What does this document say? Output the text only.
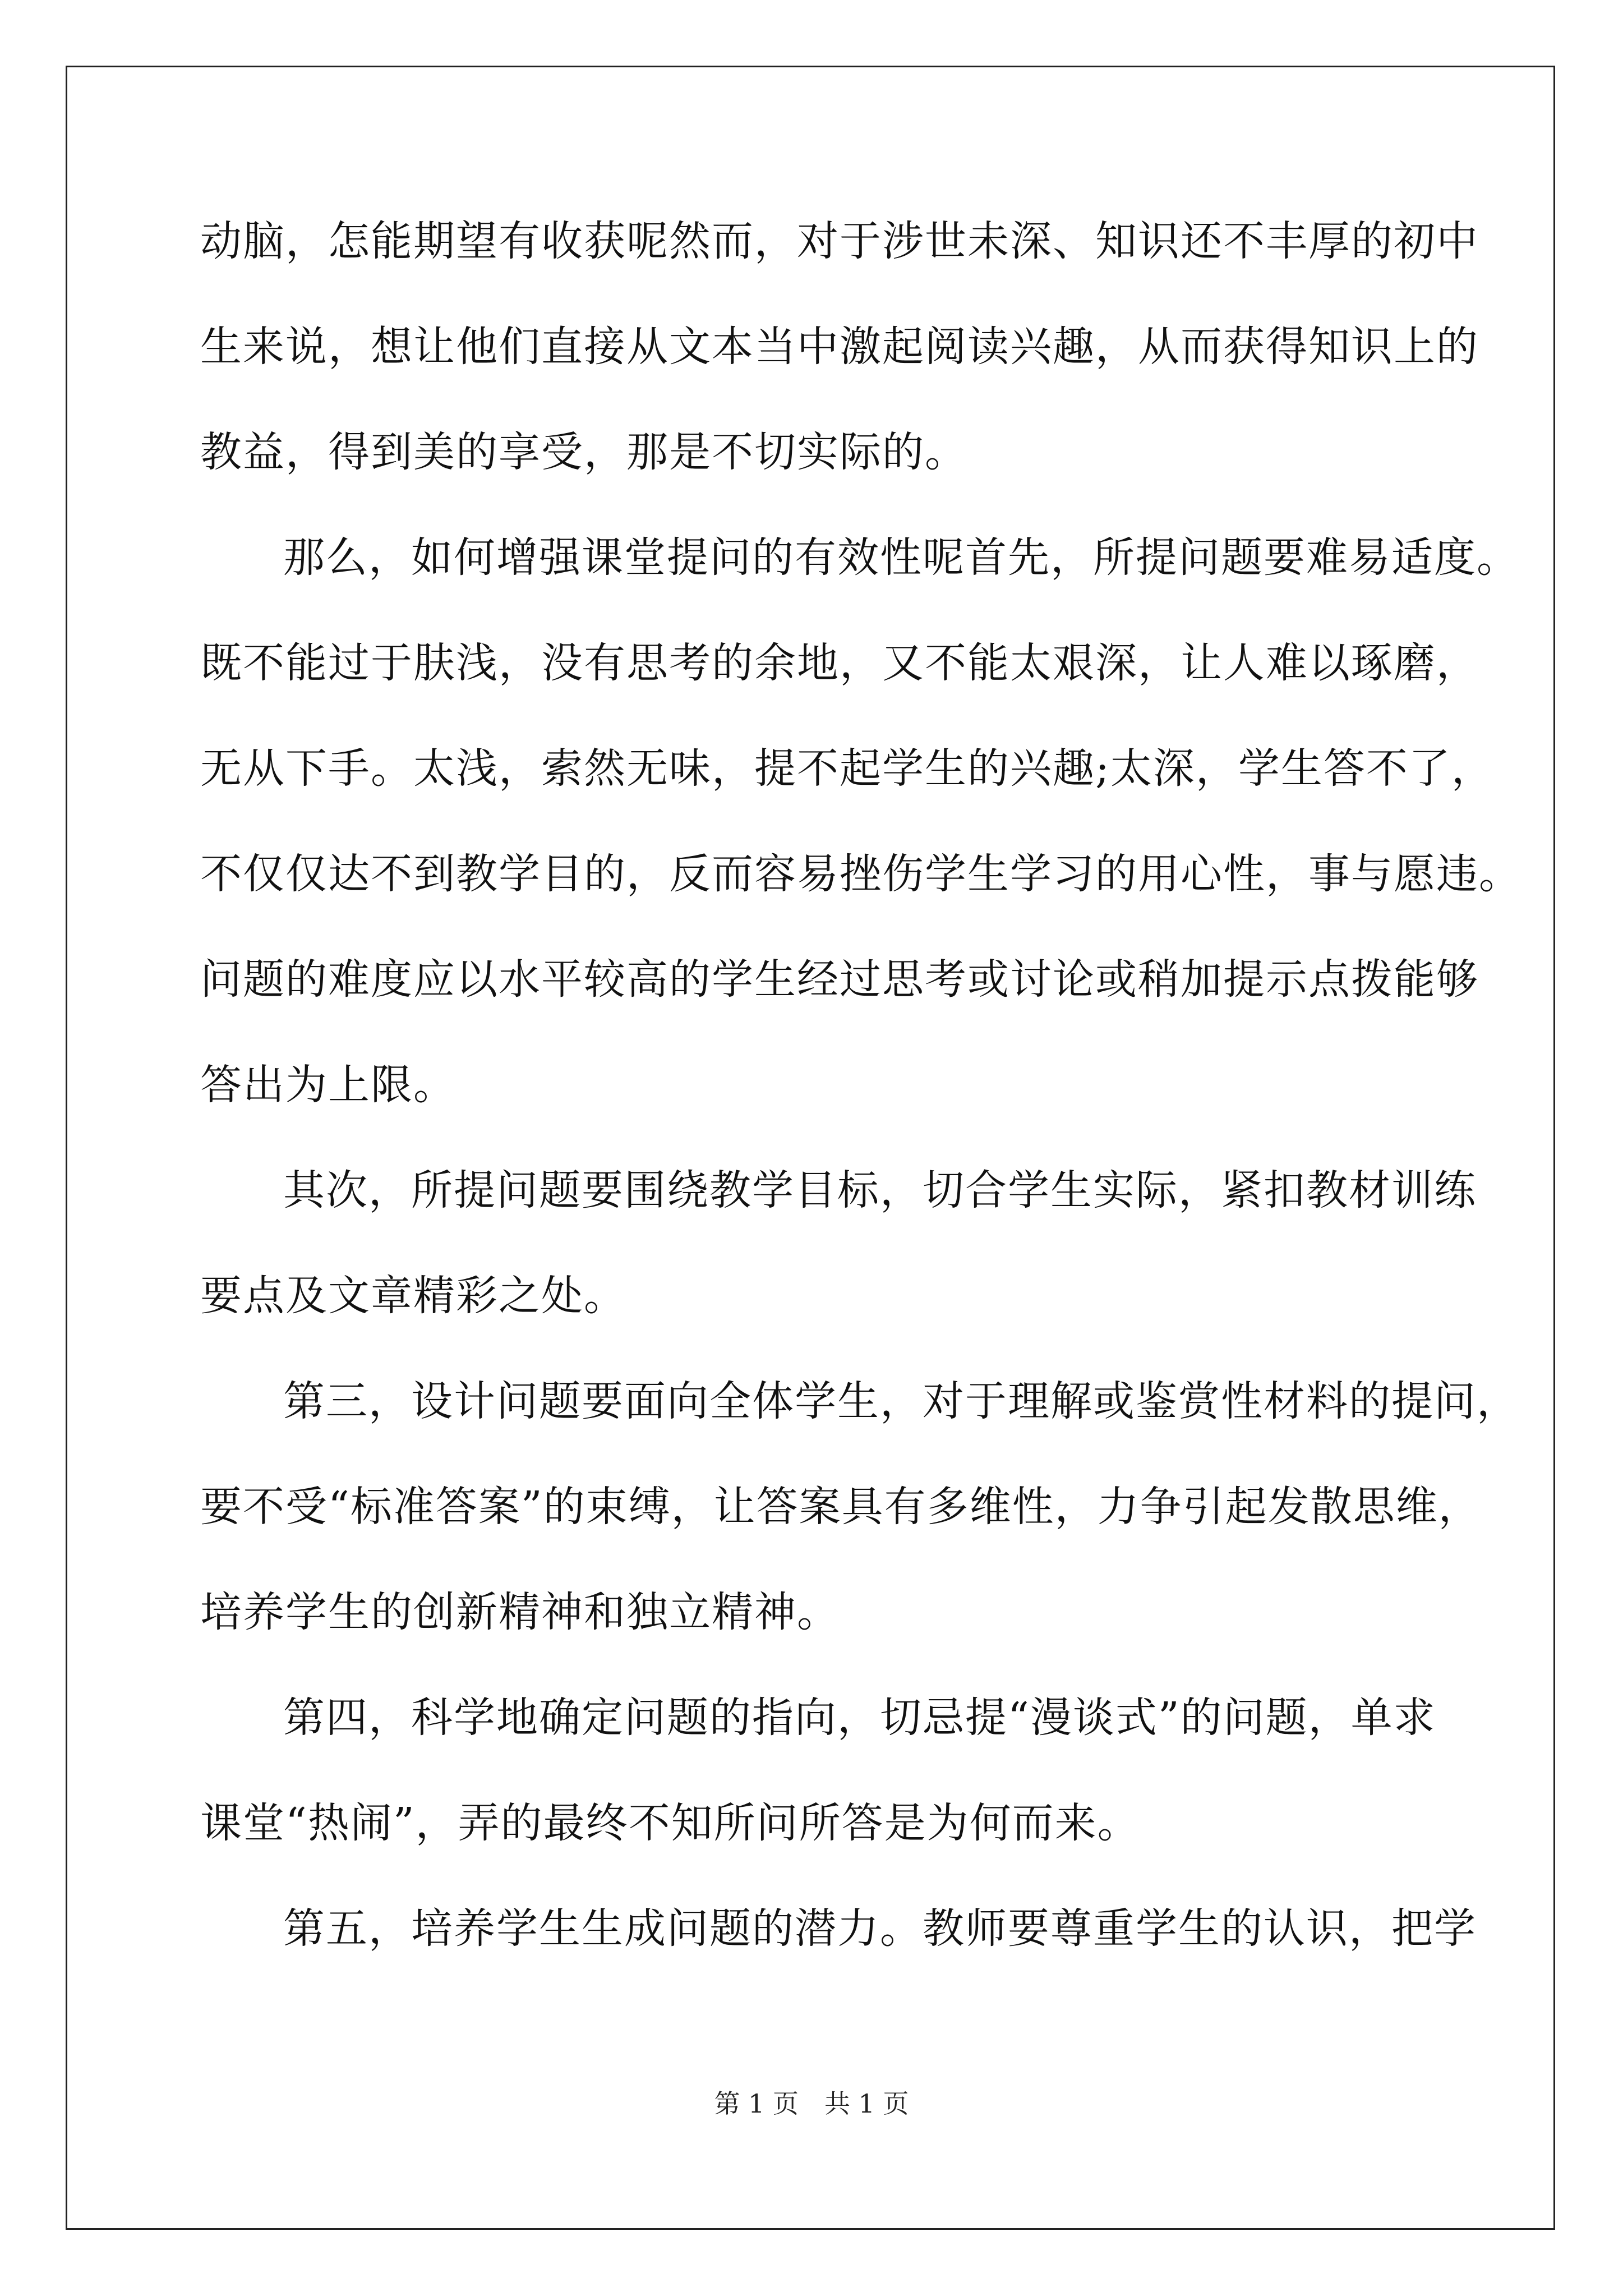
动脑，怎能期望有收获呢然而，对于涉世未深、知识还不丰厚的初中
生来说，想让他们直接从文本当中激起阅读兴趣，从而获得知识上的
教益，得到美的享受，那是不切实际的。
那么，如何增强课堂提问的有效性呢首先，所提问题要难易适度。
既不能过于肤浅，没有思考的余地，又不能太艰深，让人难以琢磨，
无从下手。太浅，索然无味，提不起学生的兴趣;太深，学生答不了，
不仅仅达不到教学目的，反而容易挫伤学生学习的用心性，事与愿违。
问题的难度应以水平较高的学生经过思考或讨论或稍加提示点拨能够
答出为上限。
其次，所提问题要围绕教学目标，切合学生实际，紧扣教材训练
要点及文章精彩之处。
第三，设计问题要面向全体学生，对于理解或鉴赏性材料的提问，
要不受“标准答案”的束缚，让答案具有多维性，力争引起发散思维，
培养学生的创新精神和独立精神。
第四，科学地确定问题的指向，切忌提“漫谈式”的问题，单求
课堂“热闹”，弄的最终不知所问所答是为何而来。
第五，培养学生生成问题的潜力。教师要尊重学生的认识，把学
第 1 页　共 1 页
